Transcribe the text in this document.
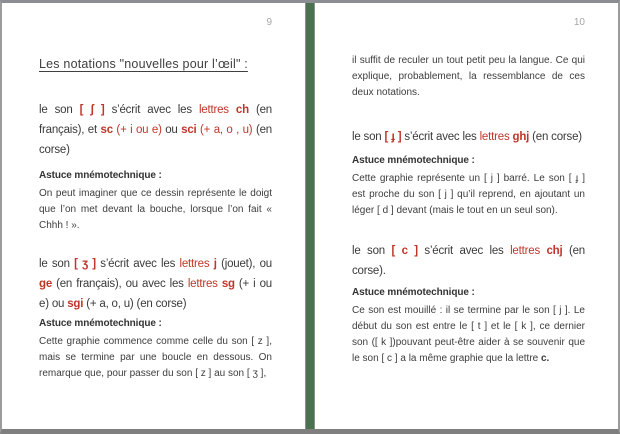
9
Les notations "nouvelles pour l’œil" :

le son [ ʃ ] s’écrit avec les lettres ch (en français), et sc (+ i ou e) ou sci (+ a, o , u) (en corse)

Astuce mnémotechnique :

On peut imaginer que ce dessin représente le doigt que l’on met devant la bouche, lorsque l’on fait « Chhh ! ».

le son [ ʒ ] s’écrit avec les lettres j (jouet), ou ge (en français), ou avec les lettres sg (+ i ou e) ou sgi (+ a, o, u) (en corse)

Astuce mnémotechnique :

Cette graphie commence comme celle du son [ z ], mais se termine par une boucle en dessous. On remarque que, pour passer du son [ z ] au son [ ʒ ],

10

il suffit de reculer un tout petit peu la langue. Ce qui explique, probablement, la ressemblance de ces deux notations.

le son [ ɟ ] s’écrit avec les lettres ghj (en corse)

Astuce mnémotechnique :

Cette graphie représente un [ j ] barré. Le son [ ɟ ] est proche du son [ j ] qu’il reprend, en ajoutant un léger [ d ] devant (mais le tout en un seul son).

le son [ c ] s’écrit avec les lettres chj (en corse).

Astuce mnémotechnique :

Ce son est mouillé : il se termine par le son [ j ]. Le début du son est entre le [ t ] et le [ k ], ce dernier son ([ k ])pouvant peut-être aider à se souvenir que le son [ c ] a la même graphie que la lettre c.
